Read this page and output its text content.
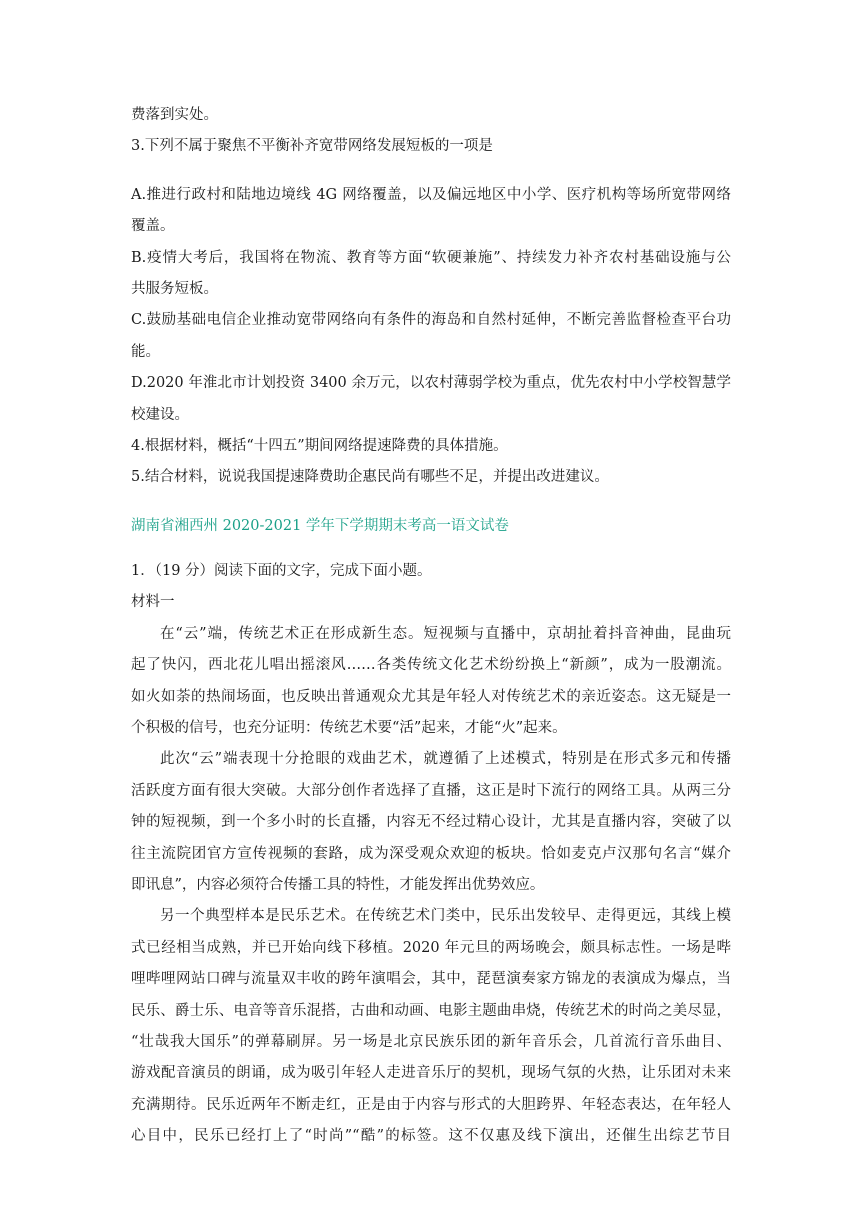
费落到实处。
3.下列不属于聚焦不平衡补齐宽带网络发展短板的一项是
A.推进行政村和陆地边境线 4G 网络覆盖，以及偏远地区中小学、医疗机构等场所宽带网络
覆盖。
B.疫情大考后，我国将在物流、教育等方面“软硬兼施”、持续发力补齐农村基础设施与公
共服务短板。
C.鼓励基础电信企业推动宽带网络向有条件的海岛和自然村延伸，不断完善监督检查平台功
能。
D.2020 年淮北市计划投资 3400 余万元，以农村薄弱学校为重点，优先农村中小学校智慧学
校建设。
4.根据材料，概括“十四五”期间网络提速降费的具体措施。
5.结合材料，说说我国提速降费助企惠民尚有哪些不足，并提出改进建议。
湖南省湘西州 2020-2021 学年下学期期末考高一语文试卷
1．（19 分）阅读下面的文字，完成下面小题。
材料一
在“云”端，传统艺术正在形成新生态。短视频与直播中，京胡扯着抖音神曲，昆曲玩
起了快闪，西北花儿唱出摇滚风……各类传统文化艺术纷纷换上“新颜”，成为一股潮流。
如火如荼的热闹场面，也反映出普通观众尤其是年轻人对传统艺术的亲近姿态。这无疑是一
个积极的信号，也充分证明：传统艺术要“活”起来，才能“火”起来。
此次“云”端表现十分抢眼的戏曲艺术，就遵循了上述模式，特别是在形式多元和传播
活跃度方面有很大突破。大部分创作者选择了直播，这正是时下流行的网络工具。从两三分
钟的短视频，到一个多小时的长直播，内容无不经过精心设计，尤其是直播内容，突破了以
往主流院团官方宣传视频的套路，成为深受观众欢迎的板块。恰如麦克卢汉那句名言“媒介
即讯息”，内容必须符合传播工具的特性，才能发挥出优势效应。
另一个典型样本是民乐艺术。在传统艺术门类中，民乐出发较早、走得更远，其线上模
式已经相当成熟，并已开始向线下移植。2020 年元旦的两场晚会，颇具标志性。一场是哔
哩哔哩网站口碑与流量双丰收的跨年演唱会，其中，琵琶演奏家方锦龙的表演成为爆点，当
民乐、爵士乐、电音等音乐混搭，古曲和动画、电影主题曲串烧，传统艺术的时尚之美尽显，
“壮哉我大国乐”的弹幕刷屏。另一场是北京民族乐团的新年音乐会，几首流行音乐曲目、
游戏配音演员的朗诵，成为吸引年轻人走进音乐厅的契机，现场气氛的火热，让乐团对未来
充满期待。民乐近两年不断走红，正是由于内容与形式的大胆跨界、年轻态表达，在年轻人
心目中，民乐已经打上了“时尚”“酷”的标签。这不仅惠及线下演出，还催生出综艺节目
